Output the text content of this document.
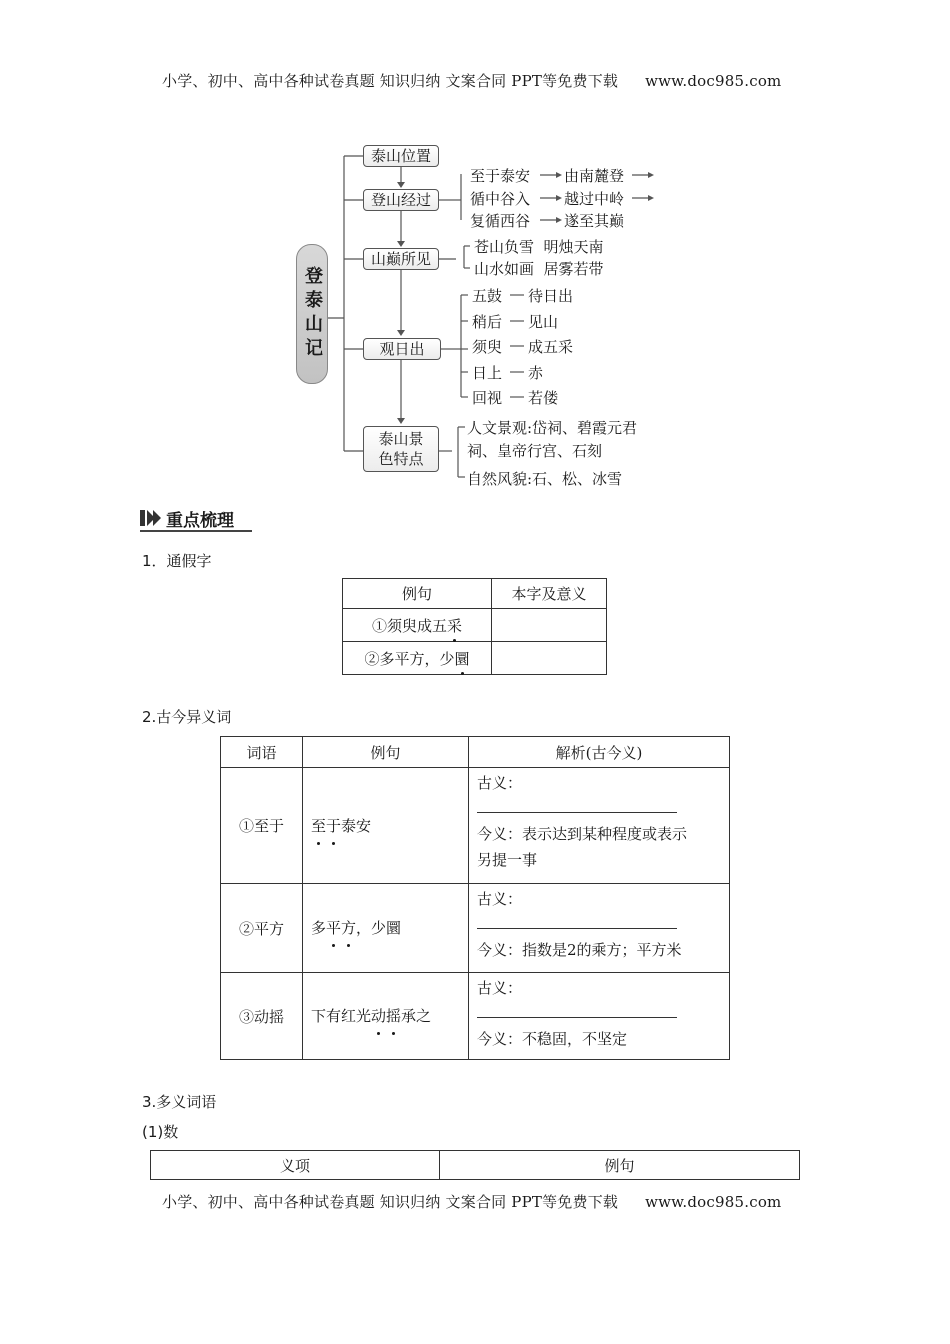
小学、初中、高中各种试卷真题 知识归纳 文案合同 PPT等免费下载 www.doc985.com
登泰山记
泰山位置
登山经过
山巅所见
观日出
泰山景
色特点
至于泰安 由南麓登
循中谷入 越过中岭
复循西谷 遂至其巅
苍山负雪  明烛天南
山水如画  居雾若带
五鼓 待日出
稍后 见山
须臾 成五采
日上 赤
回视 若偻
人文景观:岱祠、碧霞元君
祠、皇帝行宫、石刻
自然风貌:石、松、冰雪
重点梳理
1．通假字
例句	本字及意义
①须臾成五采	
②多平方，少圜	
2.古今异义词
词语	例句	解析(古今义)
①至于	至于泰安	古义：
今义：表示达到某种程度或表示
另提一事

②平方	多平方，少圜	古义：
今义：指数是2的乘方；平方米

③动摇	下有红光动摇承之	古义：
今义：不稳固，不坚定
3.多义词语
(1)数
义项	例句
小学、初中、高中各种试卷真题 知识归纳 文案合同 PPT等免费下载 www.doc985.com
